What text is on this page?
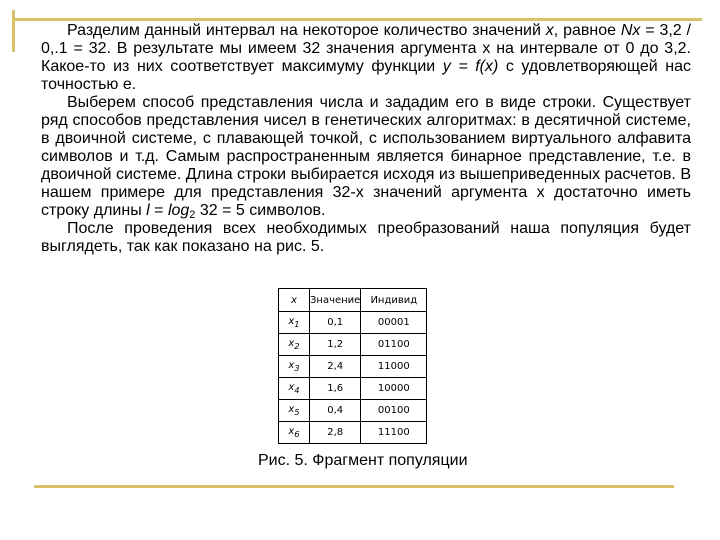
Разделим данный интервал на некоторое количество значений x, равное Nx = 3,2 / 0,.1 = 32. В результате мы имеем 32 значения аргумента х на интервале от 0 до 3,2. Какое-то из них соответствует максимуму функции y = f(x) с удовлетворяющей нас точностью е.

Выберем способ представления числа и зададим его в виде строки. Существует ряд способов представления чисел в генетических алгоритмах: в десятичной системе, в двоичной системе, с плавающей точкой, с использованием виртуального алфавита символов и т.д. Самым распространенным является бинарное представление, т.е. в двоичной системе. Длина строки выбирается исходя из вышеприведенных расчетов. В нашем примере для представления 32-х значений аргумента х достаточно иметь строку длины $l = \log_2 32 = 5$ символов.

После проведения всех необходимых преобразований наша популяция будет выглядеть, так как показано на рис. 5.

x	Значение	Индивид
$x_1$	0,1	00001
$x_2$	1,2	01100
$x_3$	2,4	11000
$x_4$	1,6	10000
$x_5$	0,4	00100
$x_6$	2,8	11100
Рис. 5. Фрагмент популяции
